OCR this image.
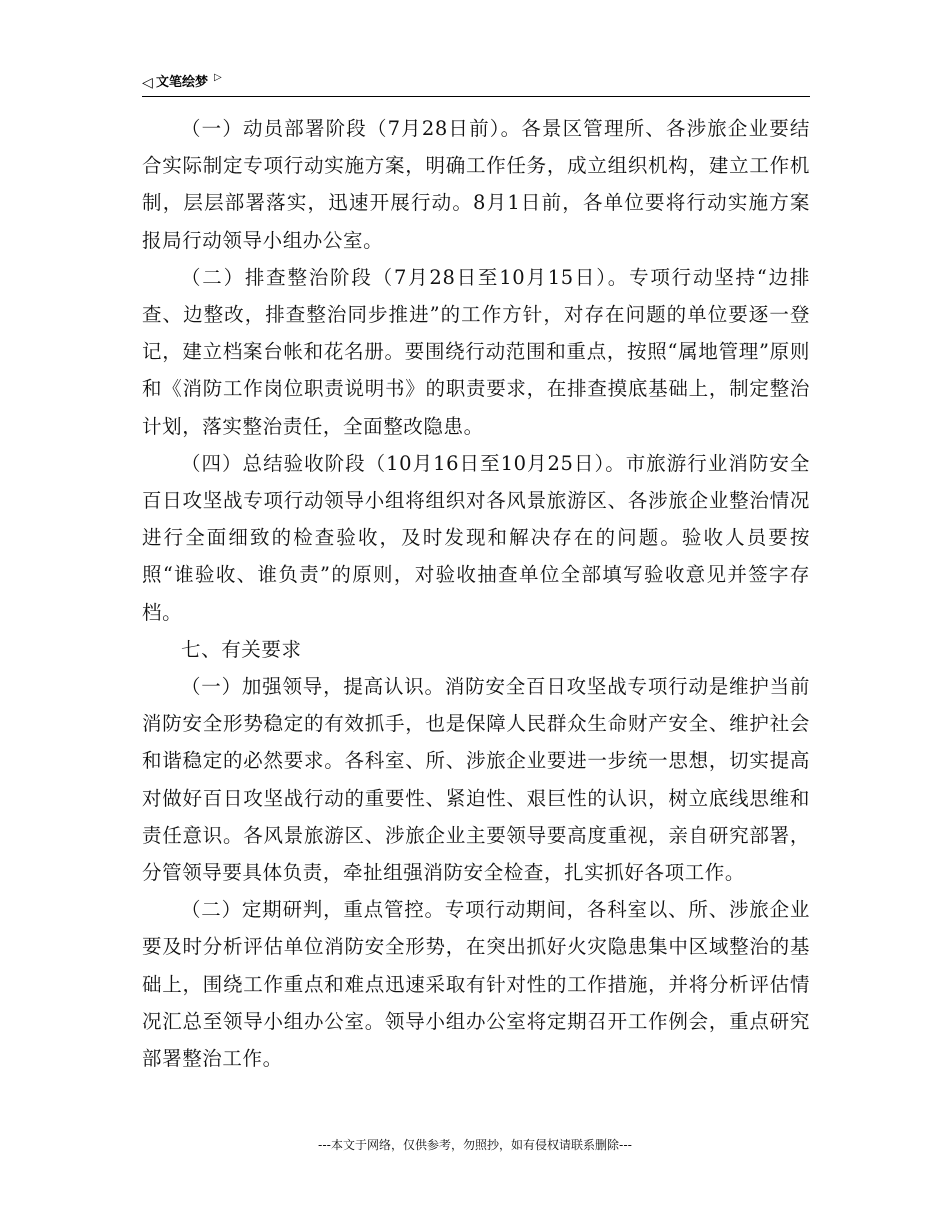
◁ 文笔绘梦 ▷

（一）动员部署阶段（7月28日前）。各景区管理所、各涉旅企业要结合实际制定专项行动实施方案，明确工作任务，成立组织机构，建立工作机制，层层部署落实，迅速开展行动。8月1日前，各单位要将行动实施方案报局行动领导小组办公室。

（二）排查整治阶段（7月28日至10月15日）。专项行动坚持“边排查、边整改，排查整治同步推进”的工作方针，对存在问题的单位要逐一登记，建立档案台帐和花名册。要围绕行动范围和重点，按照“属地管理”原则和《消防工作岗位职责说明书》的职责要求，在排查摸底基础上，制定整治计划，落实整治责任，全面整改隐患。

（四）总结验收阶段（10月16日至10月25日）。市旅游行业消防安全百日攻坚战专项行动领导小组将组织对各风景旅游区、各涉旅企业整治情况进行全面细致的检查验收，及时发现和解决存在的问题。验收人员要按照“谁验收、谁负责”的原则，对验收抽查单位全部填写验收意见并签字存档。

七、有关要求

（一）加强领导，提高认识。消防安全百日攻坚战专项行动是维护当前消防安全形势稳定的有效抓手，也是保障人民群众生命财产安全、维护社会和谐稳定的必然要求。各科室、所、涉旅企业要进一步统一思想，切实提高对做好百日攻坚战行动的重要性、紧迫性、艰巨性的认识，树立底线思维和责任意识。各风景旅游区、涉旅企业主要领导要高度重视，亲自研究部署，分管领导要具体负责，牵扯组强消防安全检查，扎实抓好各项工作。

（二）定期研判，重点管控。专项行动期间，各科室以、所、涉旅企业要及时分析评估单位消防安全形势，在突出抓好火灾隐患集中区域整治的基础上，围绕工作重点和难点迅速采取有针对性的工作措施，并将分析评估情况汇总至领导小组办公室。领导小组办公室将定期召开工作例会，重点研究部署整治工作。

---本文于网络，仅供参考，勿照抄，如有侵权请联系删除---
